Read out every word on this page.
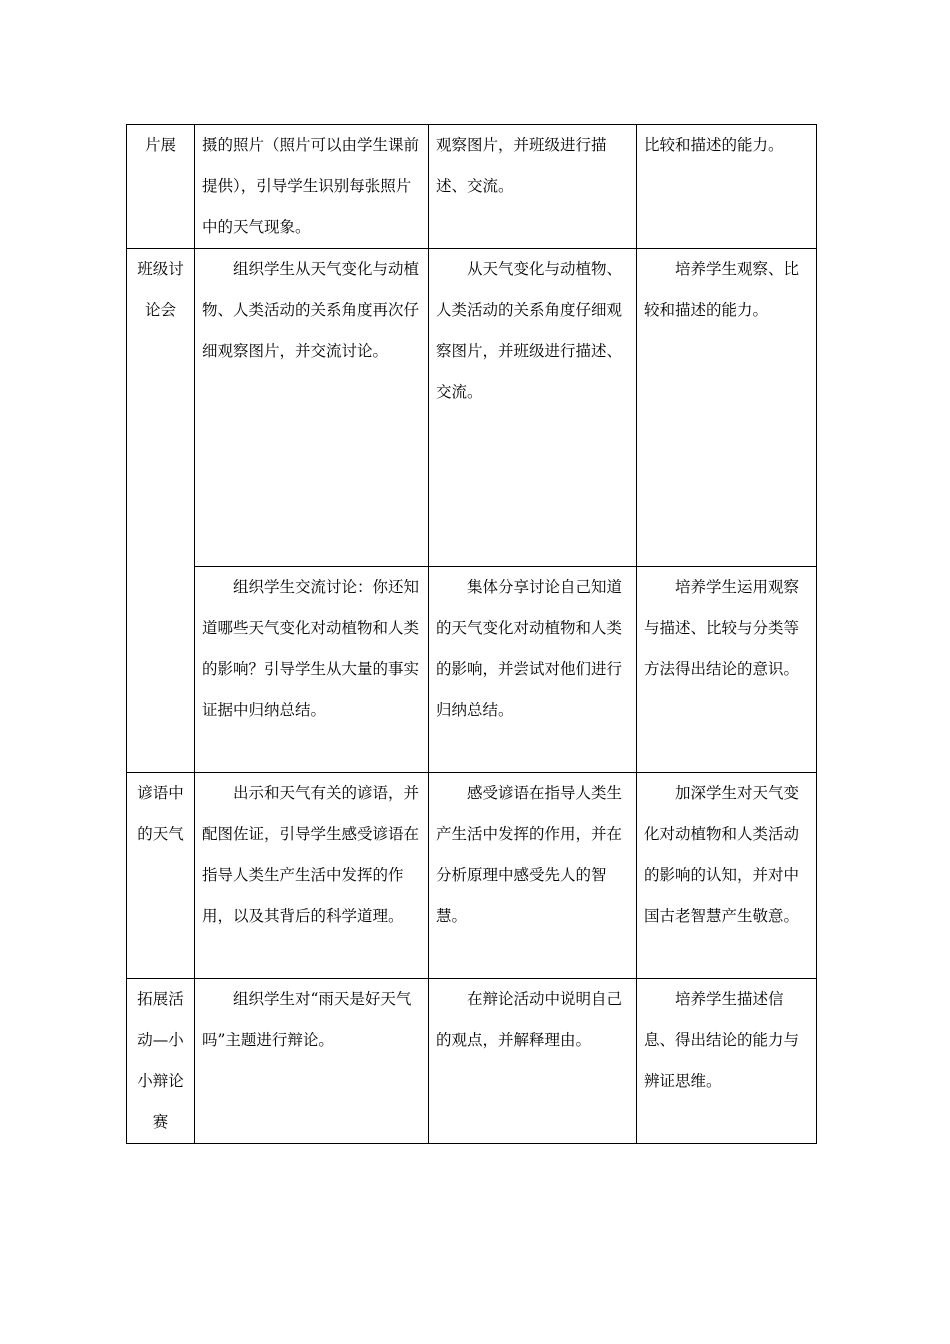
片展	摄的照片（照片可以由学生课前提供），引导学生识别每张照片中的天气现象。	观察图片，并班级进行描述、交流。	比较和描述的能力。

班级讨论会	组织学生从天气变化与动植物、人类活动的关系角度再次仔细观察图片，并交流讨论。	从天气变化与动植物、人类活动的关系角度仔细观察图片，并班级进行描述、交流。	培养学生观察、比较和描述的能力。

	组织学生交流讨论：你还知道哪些天气变化对动植物和人类的影响？引导学生从大量的事实证据中归纳总结。	集体分享讨论自己知道的天气变化对动植物和人类的影响，并尝试对他们进行归纳总结。	培养学生运用观察与描述、比较与分类等方法得出结论的意识。

谚语中的天气	出示和天气有关的谚语，并配图佐证，引导学生感受谚语在指导人类生产生活中发挥的作用，以及其背后的科学道理。	感受谚语在指导人类生产生活中发挥的作用，并在分析原理中感受先人的智慧。	加深学生对天气变化对动植物和人类活动的影响的认知，并对中国古老智慧产生敬意。

拓展活动—小小辩论赛	组织学生对“雨天是好天气吗”主题进行辩论。	在辩论活动中说明自己的观点，并解释理由。	培养学生描述信息、得出结论的能力与辨证思维。
